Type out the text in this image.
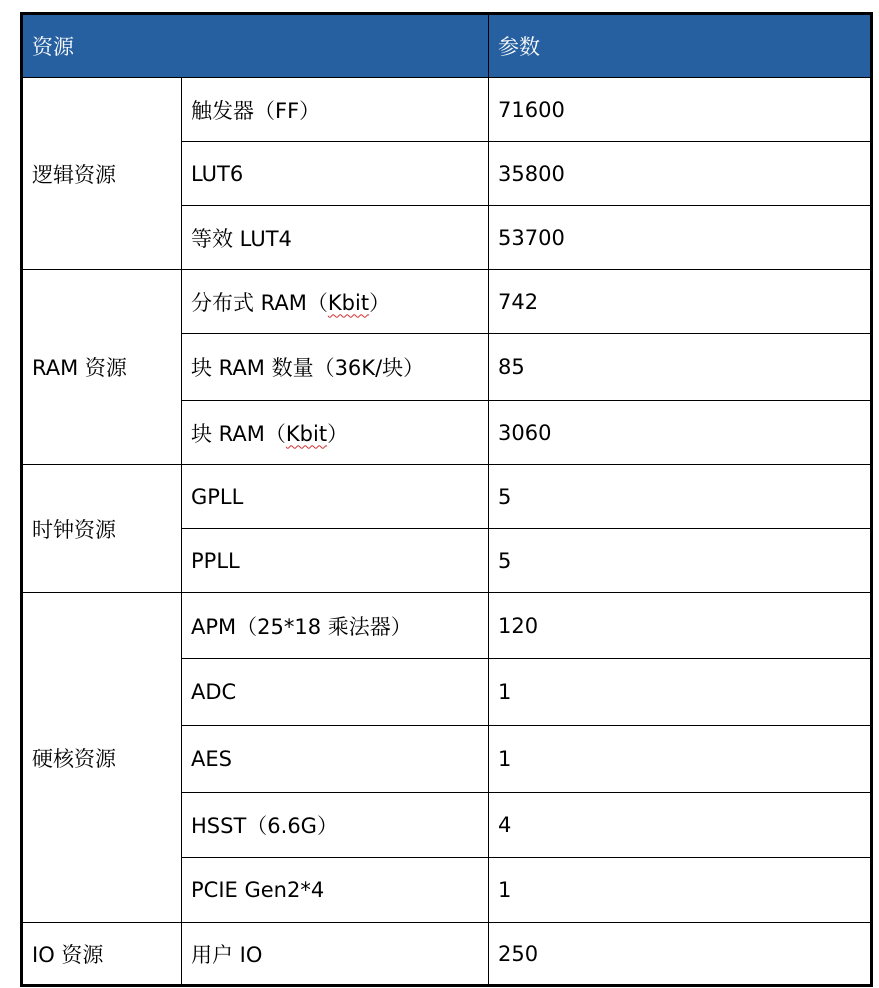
资源		参数
逻辑资源	触发器（FF）	71600
	LUT6	35800
	等效 LUT4	53700
RAM 资源	分布式 RAM（Kbit）	742
	块 RAM 数量（36K/块）	85
	块 RAM（Kbit）	3060
时钟资源	GPLL	5
	PPLL	5
硬核资源	APM（25*18 乘法器）	120
	ADC	1
	AES	1
	HSST（6.6G）	4
	PCIE Gen2*4	1
IO 资源	用户 IO	250
